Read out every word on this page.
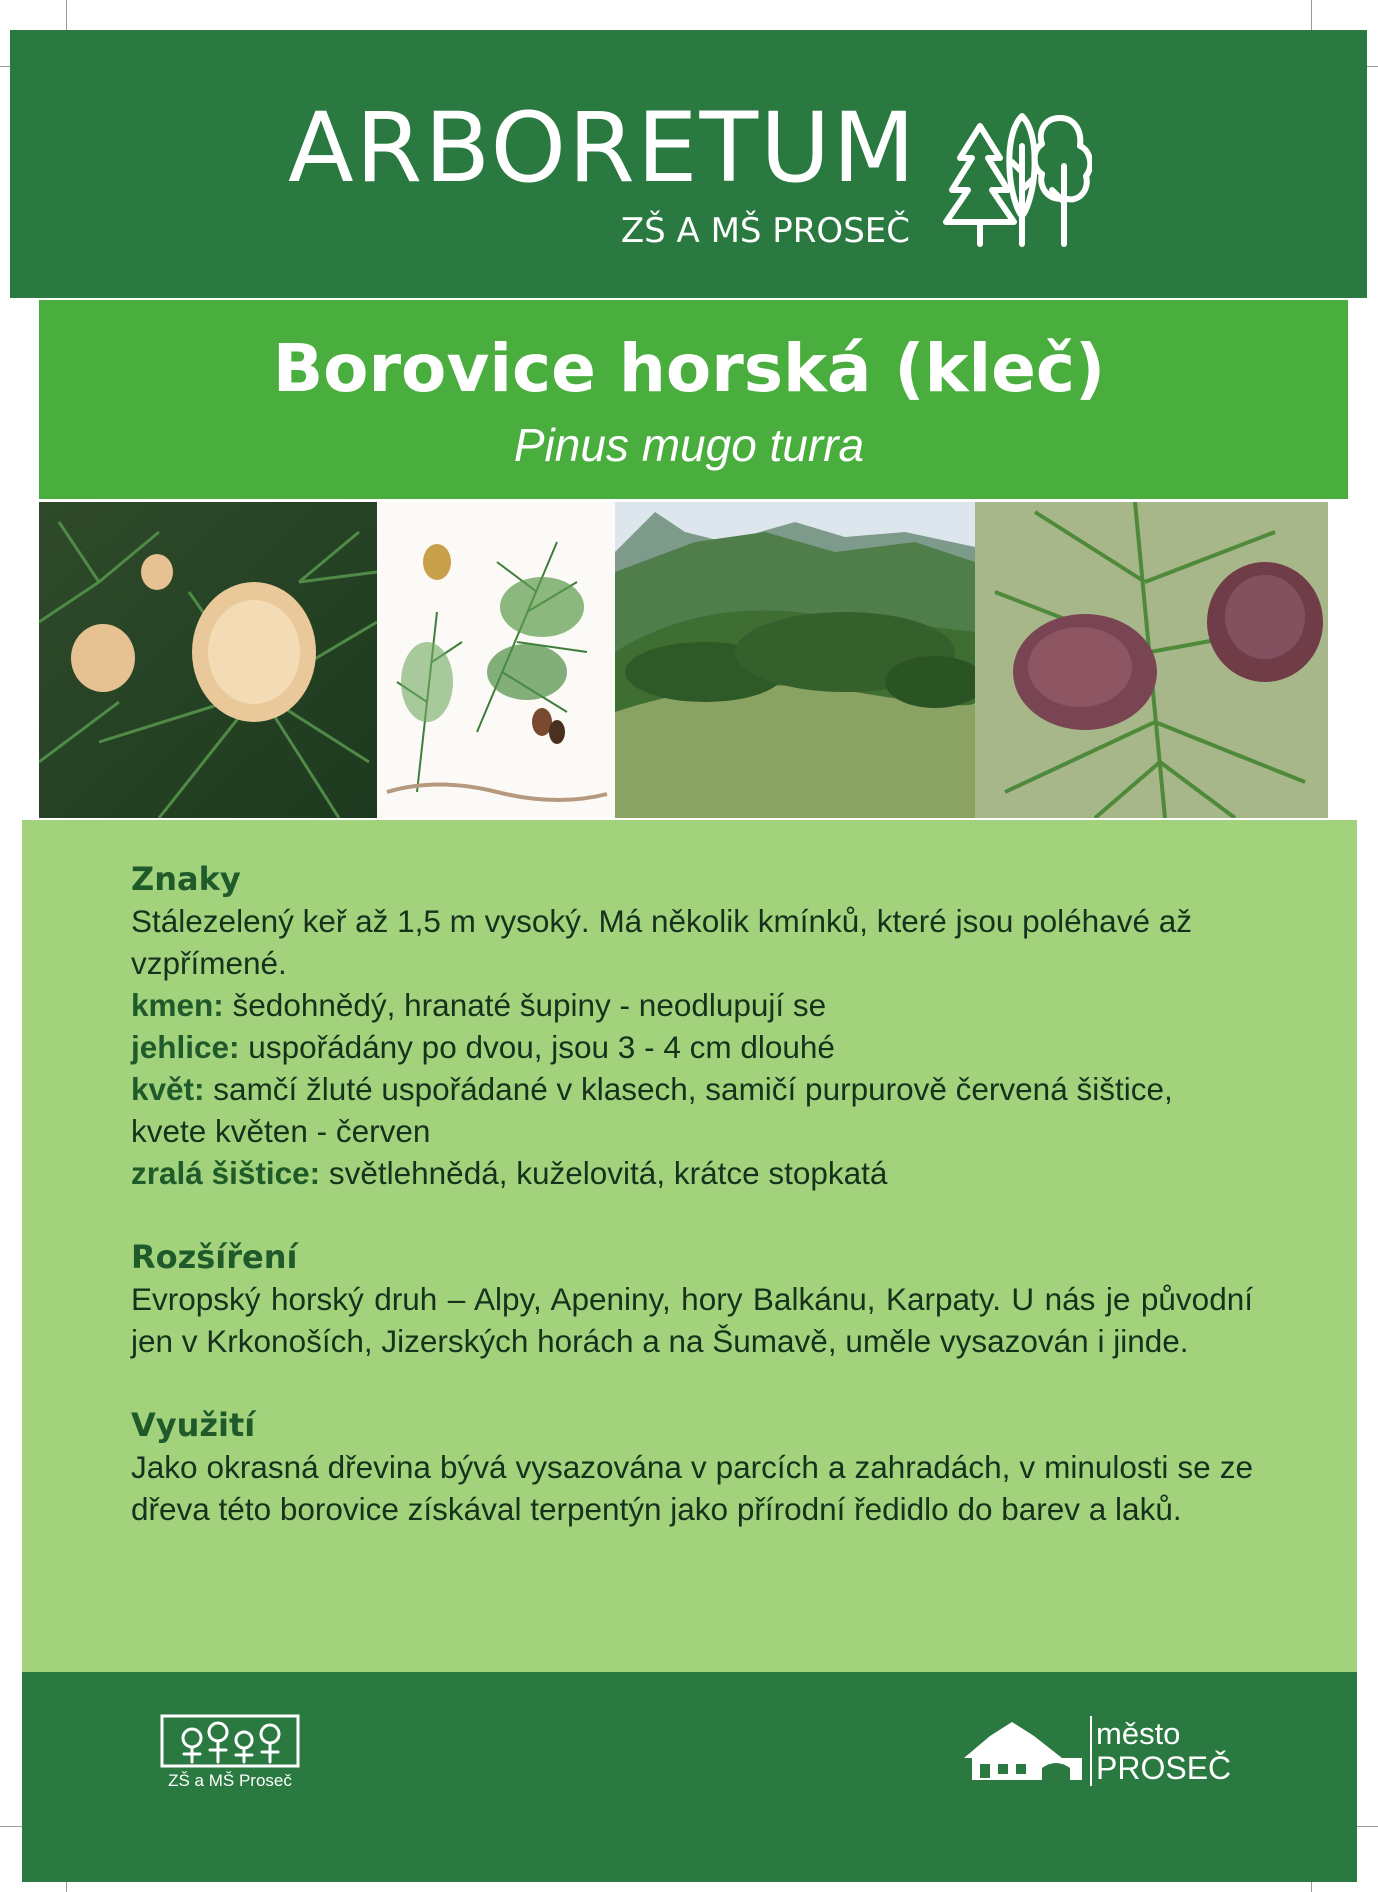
ARBORETUM
ZŠ A MŠ PROSEČ
Borovice horská (kleč)
Pinus mugo turra
Znaky

Stálezelený keř až 1,5 m vysoký. Má několik kmínků, které jsou poléhavé až vzpřímené.

kmen: šedohnědý, hranaté šupiny - neodlupují se

jehlice: uspořádány po dvou, jsou 3 - 4 cm dlouhé

květ: samčí žluté uspořádané v klasech, samičí purpurově červená šištice, kvete květen - červen

zralá šištice: světlehnědá, kuželovitá, krátce stopkatá

Rozšíření

Evropský horský druh – Alpy, Apeniny, hory Balkánu, Karpaty. U nás je původní jen v Krkonoších, Jizerských horách a na Šumavě, uměle vysazován i jinde.

Využití

Jako okrasná dřevina bývá vysazována v parcích a zahradách, v minulosti se ze dřeva této borovice získával terpentýn jako přírodní ředidlo do barev a laků.

ZŠ a MŠ Proseč
město
PROSEČ
